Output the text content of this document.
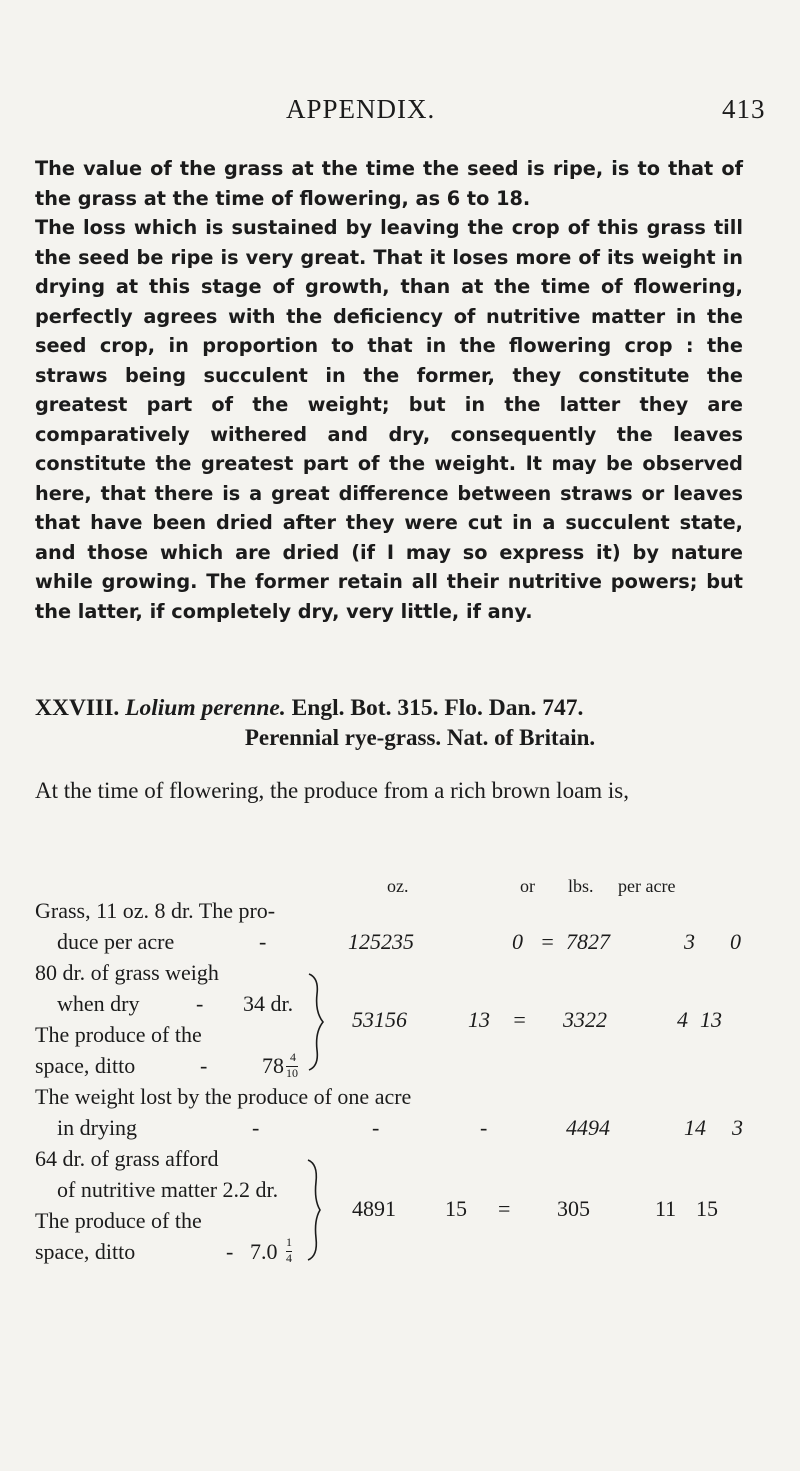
APPENDIX.	413

The value of the grass at the time the seed is ripe, is to that of the grass at the time of flowering, as 6 to 18.

The loss which is sustained by leaving the crop of this grass till the seed be ripe is very great. That it loses more of its weight in drying at this stage of growth, than at the time of flowering, perfectly agrees with the deficiency of nutritive matter in the seed crop, in proportion to that in the flowering crop : the straws being succulent in the former, they constitute the greatest part of the weight; but in the latter they are comparatively withered and dry, consequently the leaves constitute the greatest part of the weight. It may be observed here, that there is a great difference between straws or leaves that have been dried after they were cut in a succulent state, and those which are dried (if I may so express it) by nature while growing. The former retain all their nutritive powers; but the latter, if completely dry, very little, if any.

XXVIII. Lolium perenne. Engl. Bot. 315. Flo. Dan. 747.
Perennial rye-grass. Nat. of Britain.

At the time of flowering, the produce from a rich brown loam is,

oz.	or lbs. per acre
Grass, 11 oz. 8 dr. The pro-
duce per acre	-	125235	0 = 7827	3 0
80 dr. of grass weigh
when dry	- 34 dr.
The produce of the
space, ditto	- 78 4
10
53156	13 = 3322	4 13
The weight lost by the produce of one acre
in drying	-	-	-	4494	14 3
64 dr. of grass afford
of nutritive matter 2.2 dr.
The produce of the
space, ditto	- 7.0 1
4
4891 15 = 305	11 15
